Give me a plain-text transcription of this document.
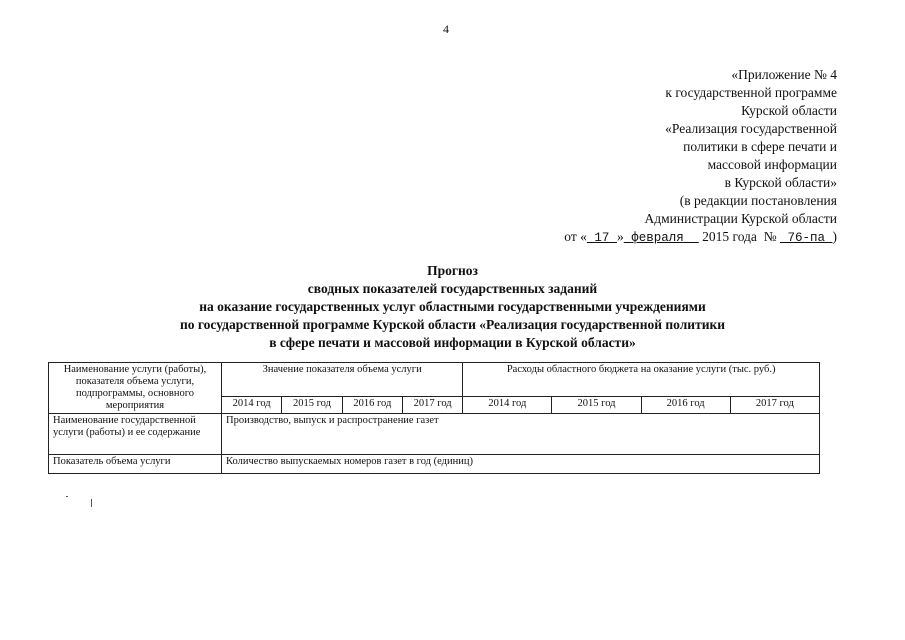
4
«Приложение № 4
к государственной программе
Курской области
«Реализация государственной
политики в сфере печати и
массовой информации
в Курской области»
(в редакции постановления
Администрации Курской области
от « 17 » февраля 2015 года № 76-па )
Прогноз
сводных показателей государственных заданий
на оказание государственных услуг областными государственными учреждениями
по государственной программе Курской области «Реализация государственной политики
в сфере печати и массовой информации в Курской области»
Наименование услуги (работы), показателя объема услуги, подпрограммы, основного мероприятия	Значение показателя объема услуги				Расходы областного бюджета на оказание услуги (тыс. руб.)			
	2014 год	2015 год	2016 год	2017 год	2014 год	2015 год	2016 год	2017 год
Наименование государственной услуги (работы) и ее содержание	Производство, выпуск и распространение газет							
Показатель объема услуги	Количество выпускаемых номеров газет в год (единиц)							
